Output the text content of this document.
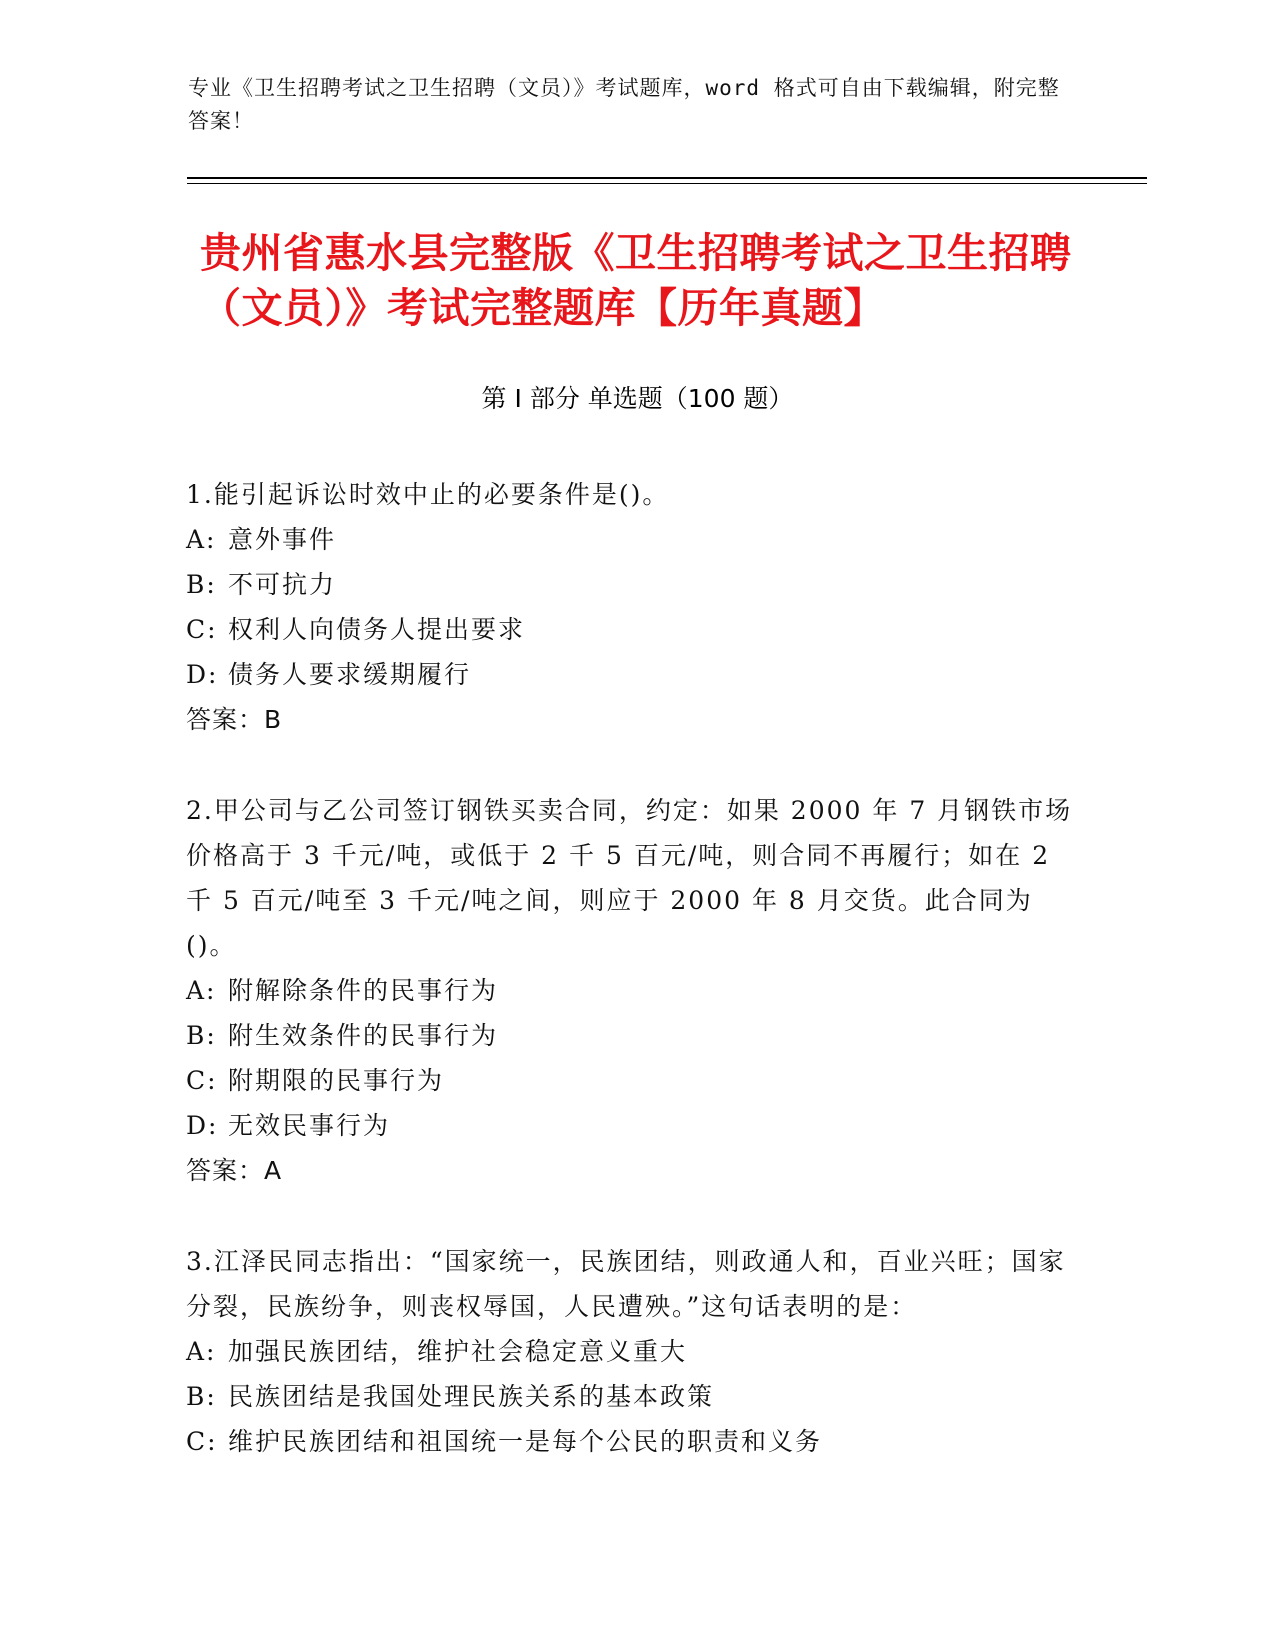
专业《卫生招聘考试之卫生招聘（文员）》考试题库，word 格式可自由下载编辑，附完整答案！
贵州省惠水县完整版《卫生招聘考试之卫生招聘（文员）》考试完整题库【历年真题】
第 I 部分 单选题（100 题）
1.能引起诉讼时效中止的必要条件是()。
A: 意外事件
B: 不可抗力
C: 权利人向债务人提出要求
D: 债务人要求缓期履行
答案：B
2.甲公司与乙公司签订钢铁买卖合同，约定：如果 2000 年 7 月钢铁市场价格高于 3 千元/吨，或低于 2 千 5 百元/吨，则合同不再履行；如在 2 千 5 百元/吨至 3 千元/吨之间，则应于 2000 年 8 月交货。此合同为()。
A: 附解除条件的民事行为
B: 附生效条件的民事行为
C: 附期限的民事行为
D: 无效民事行为
答案：A
3.江泽民同志指出：“国家统一，民族团结，则政通人和，百业兴旺；国家分裂，民族纷争，则丧权辱国，人民遭殃。”这句话表明的是：
A: 加强民族团结，维护社会稳定意义重大
B: 民族团结是我国处理民族关系的基本政策
C: 维护民族团结和祖国统一是每个公民的职责和义务
